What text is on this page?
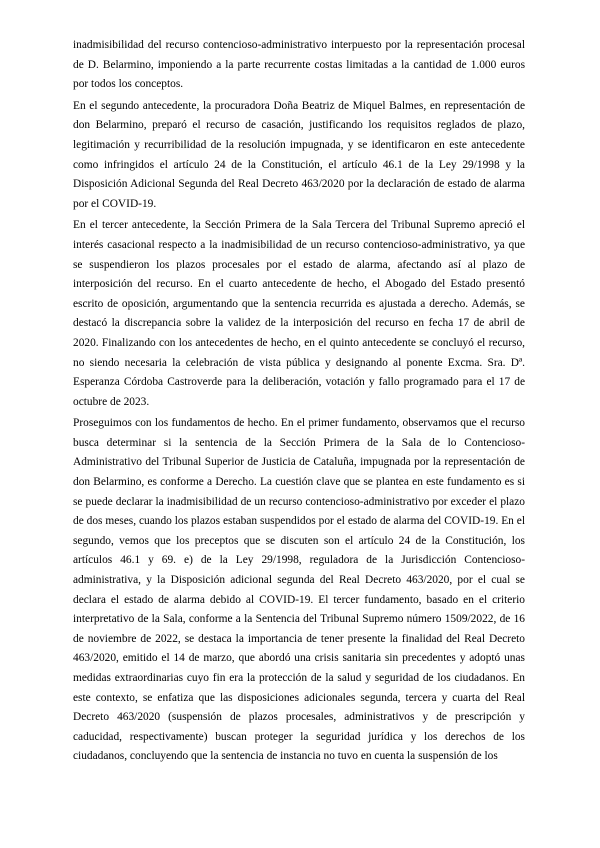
inadmisibilidad del recurso contencioso-administrativo interpuesto por la representación procesal de D. Belarmino, imponiendo a la parte recurrente costas limitadas a la cantidad de 1.000 euros por todos los conceptos.

En el segundo antecedente, la procuradora Doña Beatriz de Miquel Balmes, en representación de don Belarmino, preparó el recurso de casación, justificando los requisitos reglados de plazo, legitimación y recurribilidad de la resolución impugnada, y se identificaron en este antecedente como infringidos el artículo 24 de la Constitución, el artículo 46.1 de la Ley 29/1998 y la Disposición Adicional Segunda del Real Decreto 463/2020 por la declaración de estado de alarma por el COVID-19.

En el tercer antecedente, la Sección Primera de la Sala Tercera del Tribunal Supremo apreció el interés casacional respecto a la inadmisibilidad de un recurso contencioso-administrativo, ya que se suspendieron los plazos procesales por el estado de alarma, afectando así al plazo de interposición del recurso. En el cuarto antecedente de hecho, el Abogado del Estado presentó escrito de oposición, argumentando que la sentencia recurrida es ajustada a derecho. Además, se destacó la discrepancia sobre la validez de la interposición del recurso en fecha 17 de abril de 2020. Finalizando con los antecedentes de hecho, en el quinto antecedente se concluyó el recurso, no siendo necesaria la celebración de vista pública y designando al ponente Excma. Sra. Dª. Esperanza Córdoba Castroverde para la deliberación, votación y fallo programado para el 17 de octubre de 2023.

Proseguimos con los fundamentos de hecho. En el primer fundamento, observamos que el recurso busca determinar si la sentencia de la Sección Primera de la Sala de lo Contencioso-Administrativo del Tribunal Superior de Justicia de Cataluña, impugnada por la representación de don Belarmino, es conforme a Derecho. La cuestión clave que se plantea en este fundamento es si se puede declarar la inadmisibilidad de un recurso contencioso-administrativo por exceder el plazo de dos meses, cuando los plazos estaban suspendidos por el estado de alarma del COVID-19. En el segundo, vemos que los preceptos que se discuten son el artículo 24 de la Constitución, los artículos 46.1 y 69. e) de la Ley 29/1998, reguladora de la Jurisdicción Contencioso-administrativa, y la Disposición adicional segunda del Real Decreto 463/2020, por el cual se declara el estado de alarma debido al COVID-19. El tercer fundamento, basado en el criterio interpretativo de la Sala, conforme a la Sentencia del Tribunal Supremo número 1509/2022, de 16 de noviembre de 2022, se destaca la importancia de tener presente la finalidad del Real Decreto 463/2020, emitido el 14 de marzo, que abordó una crisis sanitaria sin precedentes y adoptó unas medidas extraordinarias cuyo fin era la protección de la salud y seguridad de los ciudadanos. En este contexto, se enfatiza que las disposiciones adicionales segunda, tercera y cuarta del Real Decreto 463/2020 (suspensión de plazos procesales, administrativos y de prescripción y caducidad, respectivamente) buscan proteger la seguridad jurídica y los derechos de los ciudadanos, concluyendo que la sentencia de instancia no tuvo en cuenta la suspensión de los
